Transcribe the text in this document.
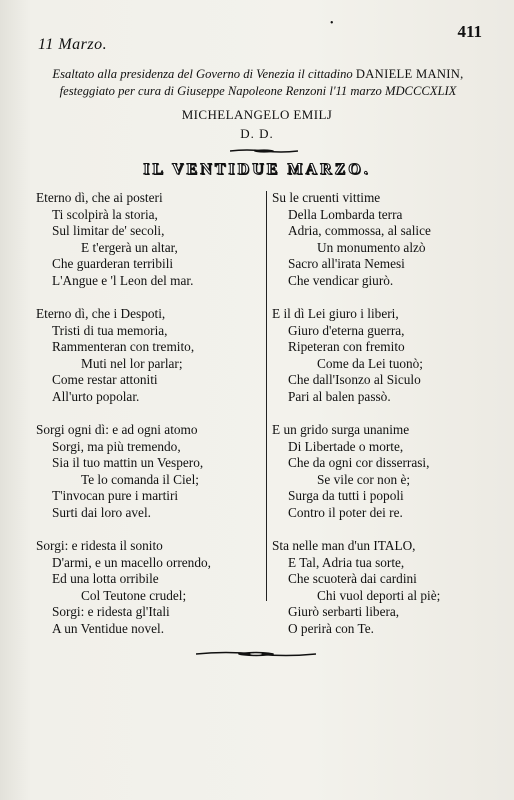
11 Marzo.
•	411
Esaltato alla presidenza del Governo di Venezia il cittadino DANIELE MANIN,
festeggiato per cura di Giuseppe Napoleone Renzoni l'11 marzo MDCCCXLIX
MICHELANGELO EMILJ
D. D.
IL VENTIDUE MARZO.
Eterno dì, che ai posteri
Ti scolpirà la storia,
Sul limitar de' secoli,
E t'ergerà un altar,
Che guarderan terribili
L'Angue e 'l Leon del mar.
Eterno dì, che i Despoti,
Tristi di tua memoria,
Rammenteran con tremito,
Muti nel lor parlar;
Come restar attoniti
All'urto popolar.
Sorgi ogni dì: e ad ogni atomo
Sorgi, ma più tremendo,
Sia il tuo mattin un Vespero,
Te lo comanda il Ciel;
T'invocan pure i martiri
Surti dai loro avel.
Sorgi: e ridesta il sonito
D'armi, e un macello orrendo,
Ed una lotta orribile
Col Teutone crudel;
Sorgi: e ridesta gl'Itali
A un Ventidue novel.
Su le cruenti vittime
Della Lombarda terra
Adria, commossa, al salice
Un monumento alzò
Sacro all'irata Nemesi
Che vendicar giurò.
E il dì Lei giuro i liberi,
Giuro d'eterna guerra,
Ripeteran con fremito
Come da Lei tuonò;
Che dall'Isonzo al Siculo
Pari al balen passò.
E un grido surga unanime
Di Libertade o morte,
Che da ogni cor disserrasi,
Se vile cor non è;
Surga da tutti i popoli
Contro il poter dei re.
Sta nelle man d'un ITALO,
E Tal, Adria tua sorte,
Che scuoterà dai cardini
Chi vuol deporti al piè;
Giurò serbarti libera,
O perirà con Te.
